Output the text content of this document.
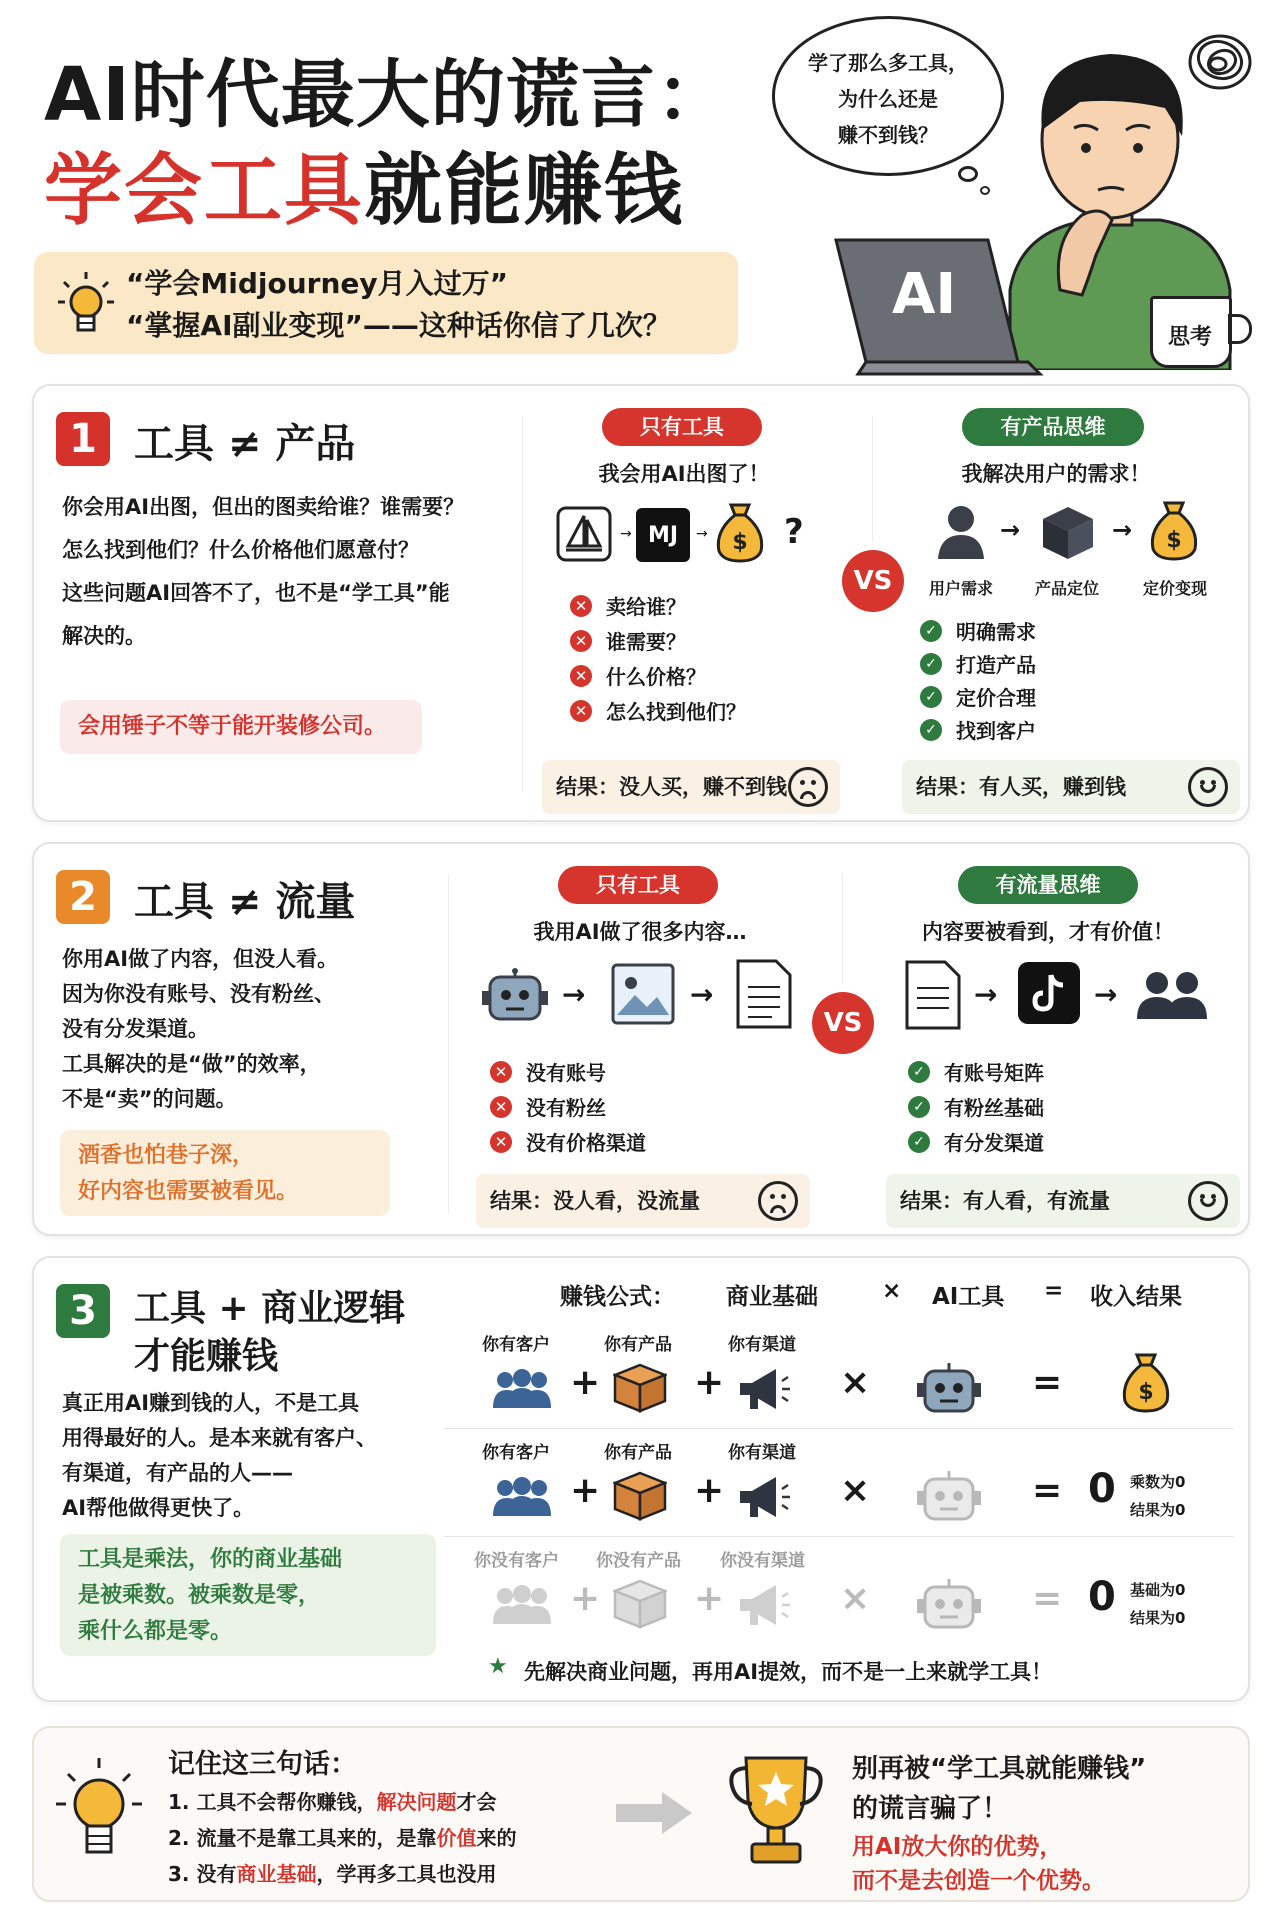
AI时代最大的谎言：
学会工具就能赚钱
“学会Midjourney月入过万”
“掌握AI副业变现”——这种话你信了几次？
学了那么多工具，
为什么还是
赚不到钱？
AI
思考
1 工具 ≠ 产品
你会用AI出图，但出的图卖给谁？谁需要？
怎么找到他们？什么价格他们愿意付？
这些问题AI回答不了，也不是“学工具”能
解决的。
会用锤子不等于能开装修公司。
只有工具
我会用AI出图了！
→ MJ	→ $ ?
✕ 卖给谁？
✕ 谁需要？
✕ 什么价格？
✕ 怎么找到他们？
结果：没人买，赚不到钱
VS
有产品思维
我解决用户的需求！
→	→ $
用户需求	产品定位	定价变现
✓ 明确需求
✓ 打造产品
✓ 定价合理
✓ 找到客户
结果：有人买，赚到钱
2 工具 ≠ 流量
你用AI做了内容，但没人看。
因为你没有账号、没有粉丝、
没有分发渠道。
工具解决的是“做”的效率，
不是“卖”的问题。
酒香也怕巷子深，
好内容也需要被看见。
只有工具
我用AI做了很多内容…
→	→
✕ 没有账号
✕ 没有粉丝
✕ 没有价格渠道
结果：没人看，没流量
VS
有流量思维
内容要被看到，才有价值！
→	→
✓ 有账号矩阵
✓ 有粉丝基础
✓ 有分发渠道
结果：有人看，有流量
3	工具 + 商业逻辑
才能赚钱
真正用AI赚到钱的人，不是工具
用得最好的人。是本来就有客户、
有渠道，有产品的人——
AI帮他做得更快了。
工具是乘法，你的商业基础
是被乘数。被乘数是零，
乘什么都是零。
赚钱公式： 商业基础	× AI工具 = 收入结果
你有客户	你有产品	你有渠道
+	+	×	=	$
你有客户	你有产品	你有渠道
+	+	×	= 0 乘数为0
结果为0
你没有客户 你没有产品 你没有渠道
+	+	×	= 0 基础为0
结果为0
★ 先解决商业问题，再用AI提效，而不是一上来就学工具！
记住这三句话：
1. 工具不会帮你赚钱，解决问题才会
2. 流量不是靠工具来的，是靠价值来的
3. 没有商业基础，学再多工具也没用
别再被“学工具就能赚钱”
的谎言骗了！
用AI放大你的优势，
而不是去创造一个优势。
